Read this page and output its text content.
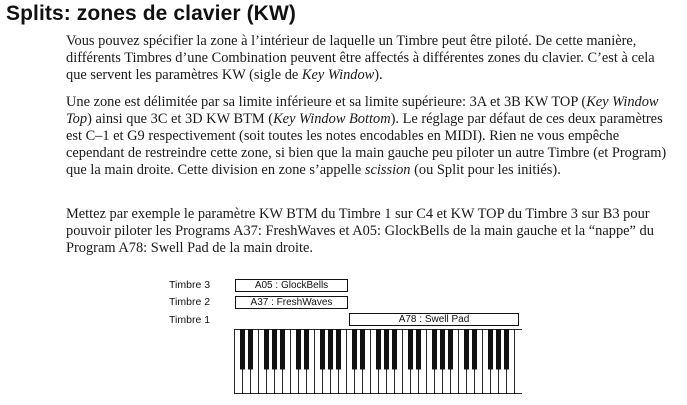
Splits: zones de clavier (KW)

Vous pouvez spécifier la zone à l’intérieur de laquelle un Timbre peut être piloté. De cette manière, différents Timbres d’une Combination peuvent être affectés à différentes zones du clavier. C’est à cela que servent les paramètres KW (sigle de Key Window).

Une zone est délimitée par sa limite inférieure et sa limite supérieure: 3A et 3B KW TOP (Key Window Top) ainsi que 3C et 3D KW BTM (Key Window Bottom). Le réglage par défaut de ces deux paramètres est C–1 et G9 respectivement (soit toutes les notes encodables en MIDI). Rien ne vous empêche cependant de restreindre cette zone, si bien que la main gauche peu piloter un autre Timbre (et Program) que la main droite. Cette division en zone s’appelle scission (ou Split pour les initiés).

Mettez par exemple le paramètre KW BTM du Timbre 1 sur C4 et KW TOP du Timbre 3 sur B3 pour pouvoir piloter les Programs A37: FreshWaves et A05: GlockBells de la main gauche et la “nappe” du Program A78: Swell Pad de la main droite.

Timbre 3
Timbre 2
Timbre 1
A05 : GlockBells
A37 : FreshWaves
A78 : Swell Pad
